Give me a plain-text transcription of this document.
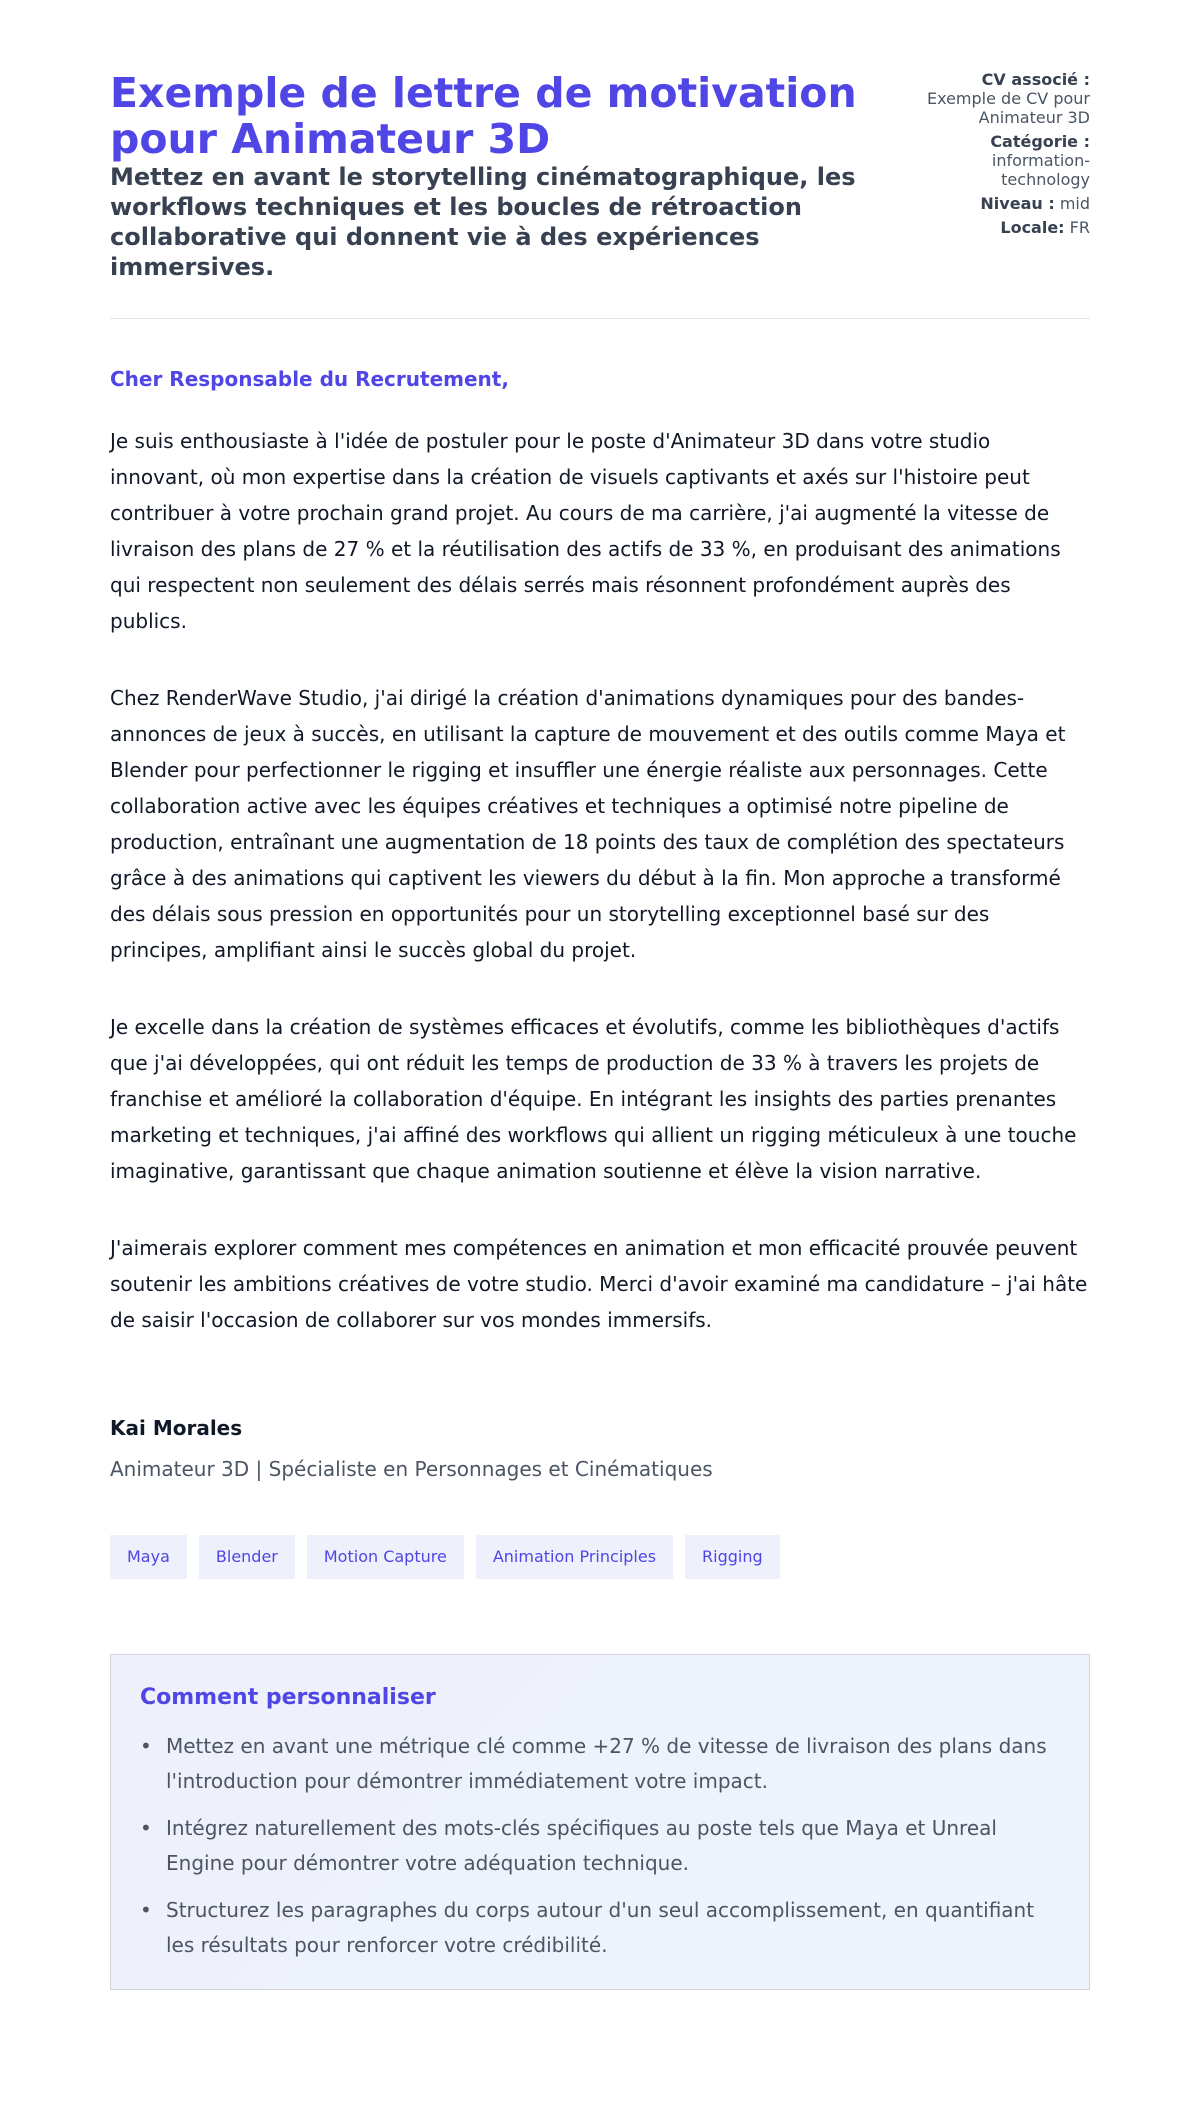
Exemple de lettre de motivation pour Animateur 3D
Mettez en avant le storytelling cinématographique, les workflows techniques et les boucles de rétroaction collaborative qui donnent vie à des expériences immersives.
CV associé : Exemple de CV pour Animateur 3D
Catégorie : information-technology
Niveau : mid
Locale: FR

Cher Responsable du Recrutement,

Je suis enthousiaste à l'idée de postuler pour le poste d'Animateur 3D dans votre studio innovant, où mon expertise dans la création de visuels captivants et axés sur l'histoire peut contribuer à votre prochain grand projet. Au cours de ma carrière, j'ai augmenté la vitesse de livraison des plans de 27 % et la réutilisation des actifs de 33 %, en produisant des animations qui respectent non seulement des délais serrés mais résonnent profondément auprès des publics.

Chez RenderWave Studio, j'ai dirigé la création d'animations dynamiques pour des bandes-annonces de jeux à succès, en utilisant la capture de mouvement et des outils comme Maya et Blender pour perfectionner le rigging et insuffler une énergie réaliste aux personnages. Cette collaboration active avec les équipes créatives et techniques a optimisé notre pipeline de production, entraînant une augmentation de 18 points des taux de complétion des spectateurs grâce à des animations qui captivent les viewers du début à la fin. Mon approche a transformé des délais sous pression en opportunités pour un storytelling exceptionnel basé sur des principes, amplifiant ainsi le succès global du projet.

Je excelle dans la création de systèmes efficaces et évolutifs, comme les bibliothèques d'actifs que j'ai développées, qui ont réduit les temps de production de 33 % à travers les projets de franchise et amélioré la collaboration d'équipe. En intégrant les insights des parties prenantes marketing et techniques, j'ai affiné des workflows qui allient un rigging méticuleux à une touche imaginative, garantissant que chaque animation soutienne et élève la vision narrative.

J'aimerais explorer comment mes compétences en animation et mon efficacité prouvée peuvent soutenir les ambitions créatives de votre studio. Merci d'avoir examiné ma candidature – j'ai hâte de saisir l'occasion de collaborer sur vos mondes immersifs.

Kai Morales
Animateur 3D | Spécialiste en Personnages et Cinématiques
Maya	Blender	Motion Capture	Animation Principles	Rigging
Comment personnaliser
• Mettez en avant une métrique clé comme +27 % de vitesse de livraison des plans dans l'introduction pour démontrer immédiatement votre impact.
• Intégrez naturellement des mots-clés spécifiques au poste tels que Maya et Unreal Engine pour démontrer votre adéquation technique.
• Structurez les paragraphes du corps autour d'un seul accomplissement, en quantifiant les résultats pour renforcer votre crédibilité.
